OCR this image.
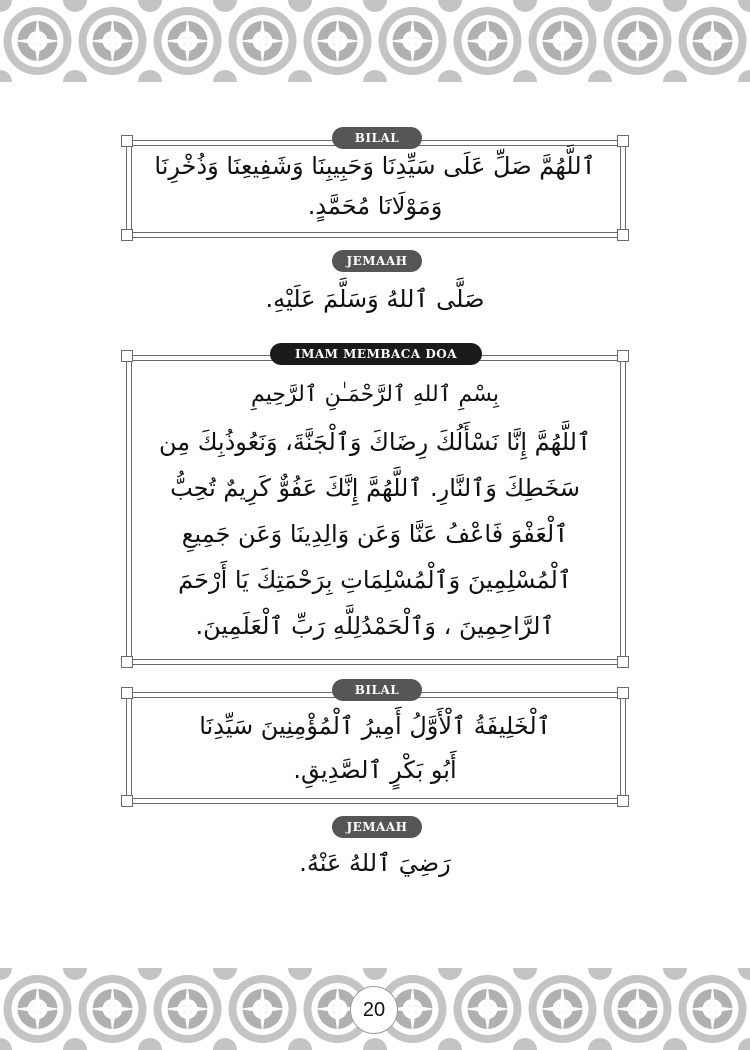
BILAL
ٱللَّهُمَّ صَلِّ عَلَى سَيِّدِنَا وَحَبِيبِنَا وَشَفِيعِنَا وَذُخْرِنَا
وَمَوْلَانَا مُحَمَّدٍ.
JEMAAH
صَلَّى ٱللهُ وَسَلَّمَ عَلَيْهِ.
IMAM MEMBACA DOA
بِسْمِ ٱللهِ ٱلرَّحْمَـٰنِ ٱلرَّحِيمِ
ٱللَّهُمَّ إِنَّا نَسْأَلُكَ رِضَاكَ وَٱلْجَنَّةَ، وَنَعُوذُبِكَ مِن
سَخَطِكَ وَٱلنَّارِ. ٱللَّهُمَّ إِنَّكَ عَفُوٌّ كَرِيمٌ تُحِبُّ
ٱلْعَفْوَ فَاعْفُ عَنَّا وَعَن وَالِدِينَا وَعَن جَمِيعِ
ٱلْمُسْلِمِينَ وَٱلْمُسْلِمَاتِ بِرَحْمَتِكَ يَا أَرْحَمَ
ٱلرَّاحِمِينَ ، وَٱلْحَمْدُلِلَّهِ رَبِّ ٱلْعَلَمِينَ.
BILAL
ٱلْخَلِيفَةُ ٱلْأَوَّلُ أَمِيرُ ٱلْمُؤْمِنِينَ سَيِّدِنَا
أَبُو بَكْرٍ ٱلصَّدِيقِ.
JEMAAH
رَضِيَ ٱللهُ عَنْهُ.
20
